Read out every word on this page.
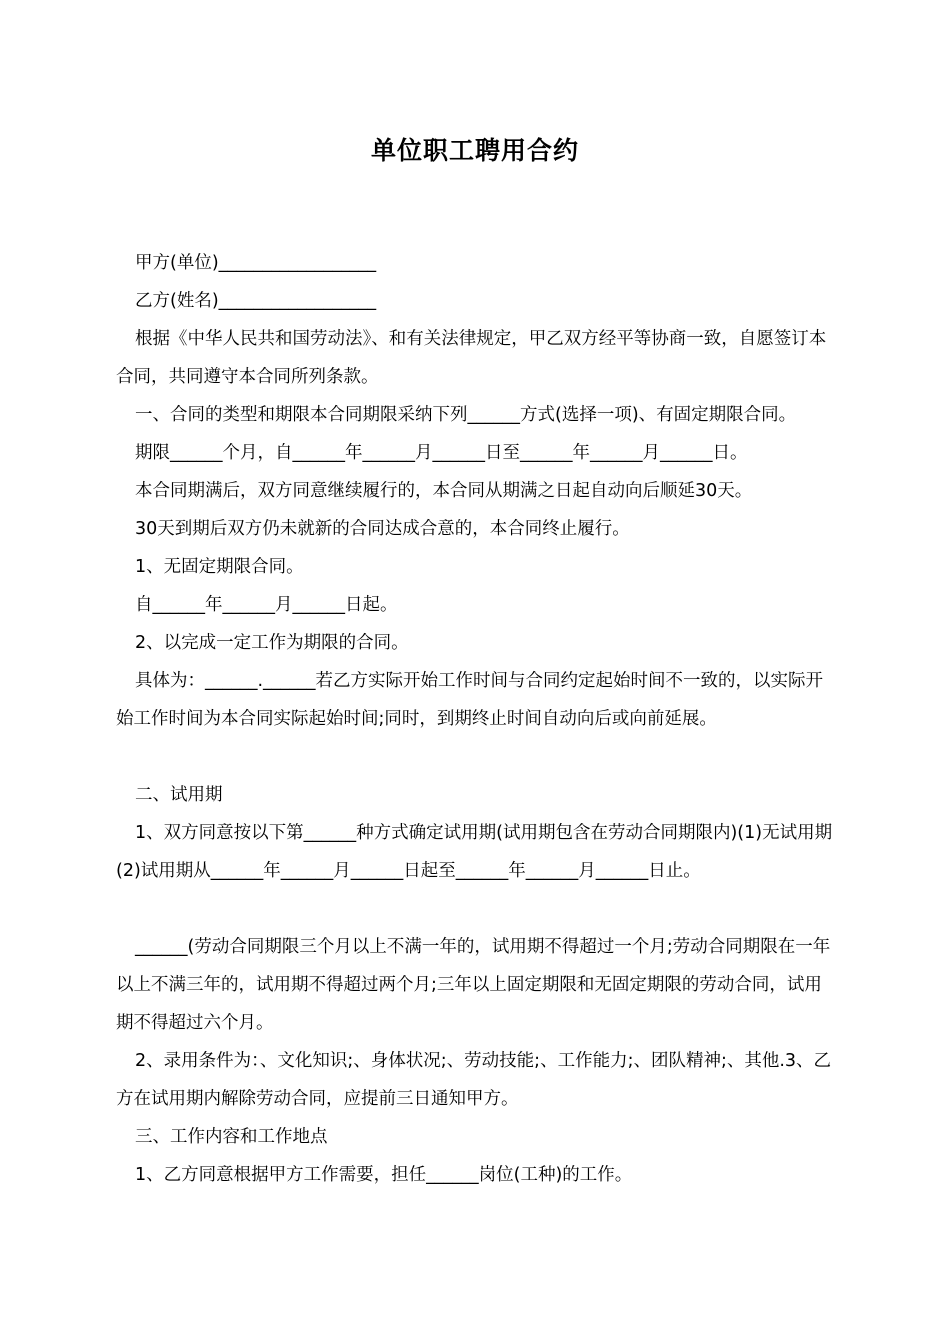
单位职工聘用合约

甲方(单位)__________________

乙方(姓名)__________________

根据《中华人民共和国劳动法》、和有关法律规定，甲乙双方经平等协商一致，自愿签订本合同，共同遵守本合同所列条款。

一、合同的类型和期限本合同期限采纳下列______方式(选择一项)、有固定期限合同。

期限______个月，自______年______月______日至______年______月______日。

本合同期满后，双方同意继续履行的，本合同从期满之日起自动向后顺延30天。

30天到期后双方仍未就新的合同达成合意的，本合同终止履行。

1、无固定期限合同。

自______年______月______日起。

2、以完成一定工作为期限的合同。

具体为：______.______若乙方实际开始工作时间与合同约定起始时间不一致的，以实际开始工作时间为本合同实际起始时间;同时，到期终止时间自动向后或向前延展。

二、试用期

1、双方同意按以下第______种方式确定试用期(试用期包含在劳动合同期限内)(1)无试用期(2)试用期从______年______月______日起至______年______月______日止。

______(劳动合同期限三个月以上不满一年的，试用期不得超过一个月;劳动合同期限在一年以上不满三年的，试用期不得超过两个月;三年以上固定期限和无固定期限的劳动合同，试用期不得超过六个月。

2、录用条件为：、文化知识;、身体状况;、劳动技能;、工作能力;、团队精神;、其他.3、乙方在试用期内解除劳动合同，应提前三日通知甲方。

三、工作内容和工作地点

1、乙方同意根据甲方工作需要，担任______岗位(工种)的工作。
